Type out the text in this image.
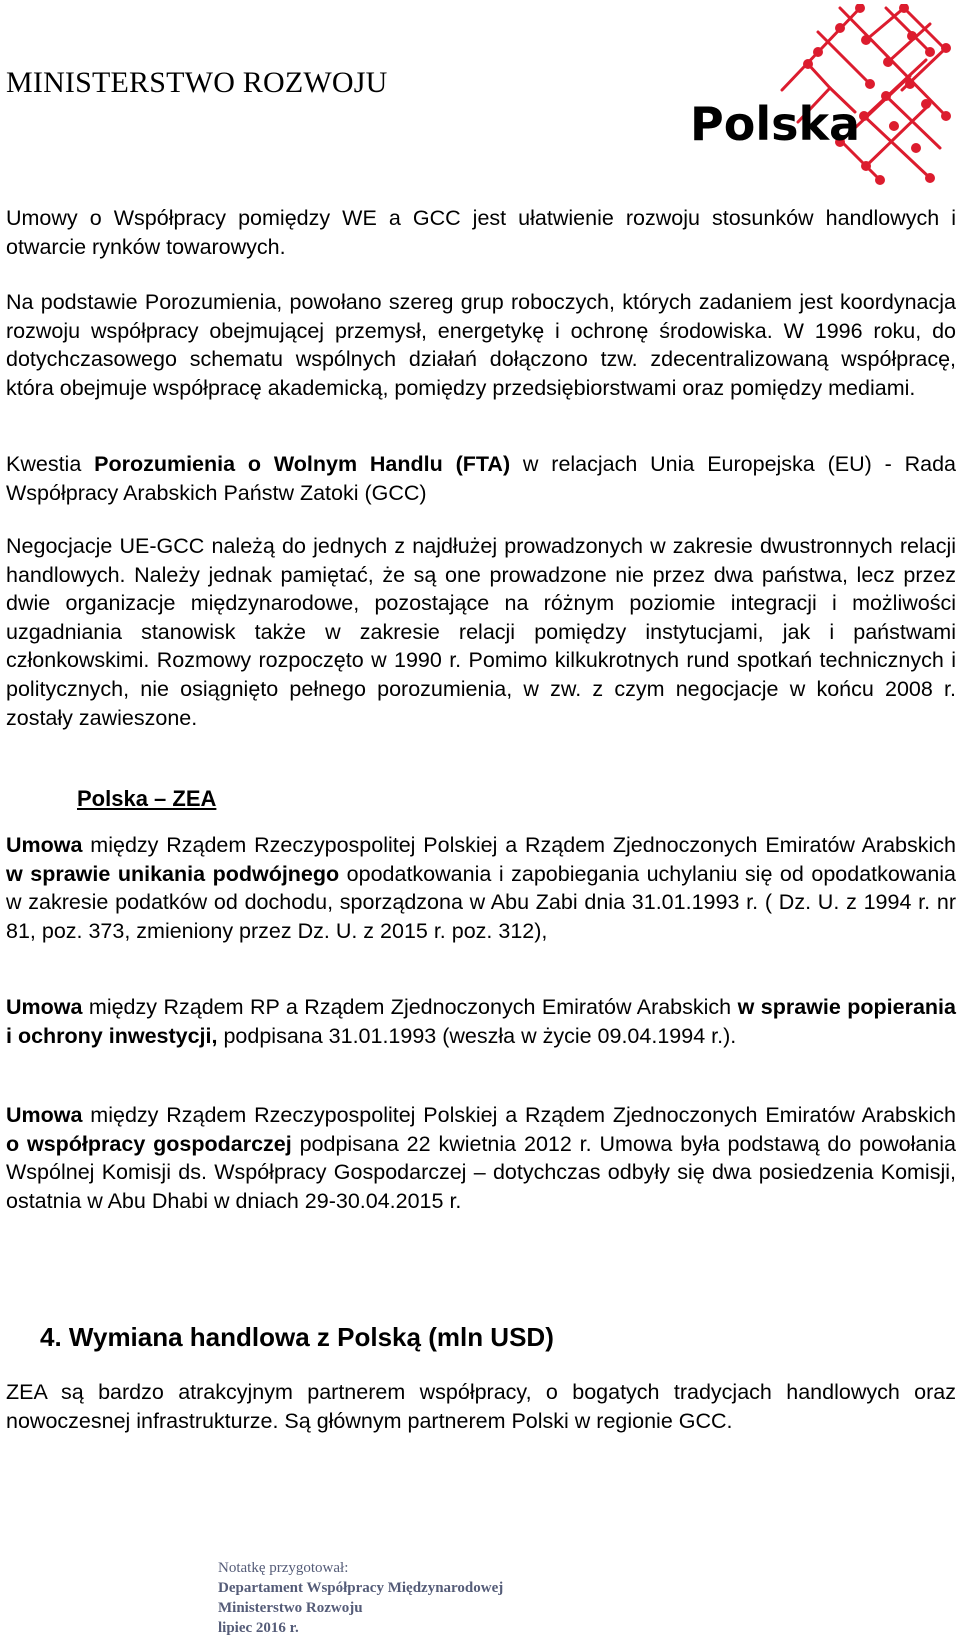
MINISTERSTWO ROZWOJU
Polska

Umowy o Współpracy pomiędzy WE a GCC jest ułatwienie rozwoju stosunków handlowych i otwarcie rynków towarowych.

Na podstawie Porozumienia, powołano szereg grup roboczych, których zadaniem jest koordynacja rozwoju współpracy obejmującej przemysł, energetykę i ochronę środowiska. W 1996 roku, do dotychczasowego schematu wspólnych działań dołączono tzw. zdecentralizowaną współpracę, która obejmuje współpracę akademicką, pomiędzy przedsiębiorstwami oraz pomiędzy mediami.

Kwestia Porozumienia o Wolnym Handlu (FTA) w relacjach Unia Europejska (EU) - Rada Współpracy Arabskich Państw Zatoki (GCC)

Negocjacje UE-GCC należą do jednych z najdłużej prowadzonych w zakresie dwustronnych relacji handlowych. Należy jednak pamiętać, że są one prowadzone nie przez dwa państwa, lecz przez dwie organizacje międzynarodowe, pozostające na różnym poziomie integracji i możliwości uzgadniania stanowisk także w zakresie relacji pomiędzy instytucjami, jak i państwami członkowskimi. Rozmowy rozpoczęto w 1990 r. Pomimo kilkukrotnych rund spotkań technicznych i politycznych, nie osiągnięto pełnego porozumienia, w zw. z czym negocjacje w końcu 2008 r. zostały zawieszone.

Polska – ZEA

Umowa między Rządem Rzeczypospolitej Polskiej a Rządem Zjednoczonych Emiratów Arabskich w sprawie unikania podwójnego opodatkowania i zapobiegania uchylaniu się od opodatkowania w zakresie podatków od dochodu, sporządzona w Abu Zabi dnia 31.01.1993 r. ( Dz. U. z 1994 r. nr 81, poz. 373, zmieniony przez Dz. U. z 2015 r. poz. 312),

Umowa między Rządem RP a Rządem Zjednoczonych Emiratów Arabskich w sprawie popierania i ochrony inwestycji, podpisana 31.01.1993 (weszła w życie 09.04.1994 r.).

Umowa między Rządem Rzeczypospolitej Polskiej a Rządem Zjednoczonych Emiratów Arabskich o współpracy gospodarczej podpisana 22 kwietnia 2012 r. Umowa była podstawą do powołania Wspólnej Komisji ds. Współpracy Gospodarczej – dotychczas odbyły się dwa posiedzenia Komisji, ostatnia w Abu Dhabi w dniach 29-30.04.2015 r.

4. Wymiana handlowa z Polską (mln USD)

ZEA są bardzo atrakcyjnym partnerem współpracy, o bogatych tradycjach handlowych oraz nowoczesnej infrastrukturze. Są głównym partnerem Polski w regionie GCC.

Notatkę przygotował:
Departament Współpracy Międzynarodowej
Ministerstwo Rozwoju
lipiec 2016 r.
